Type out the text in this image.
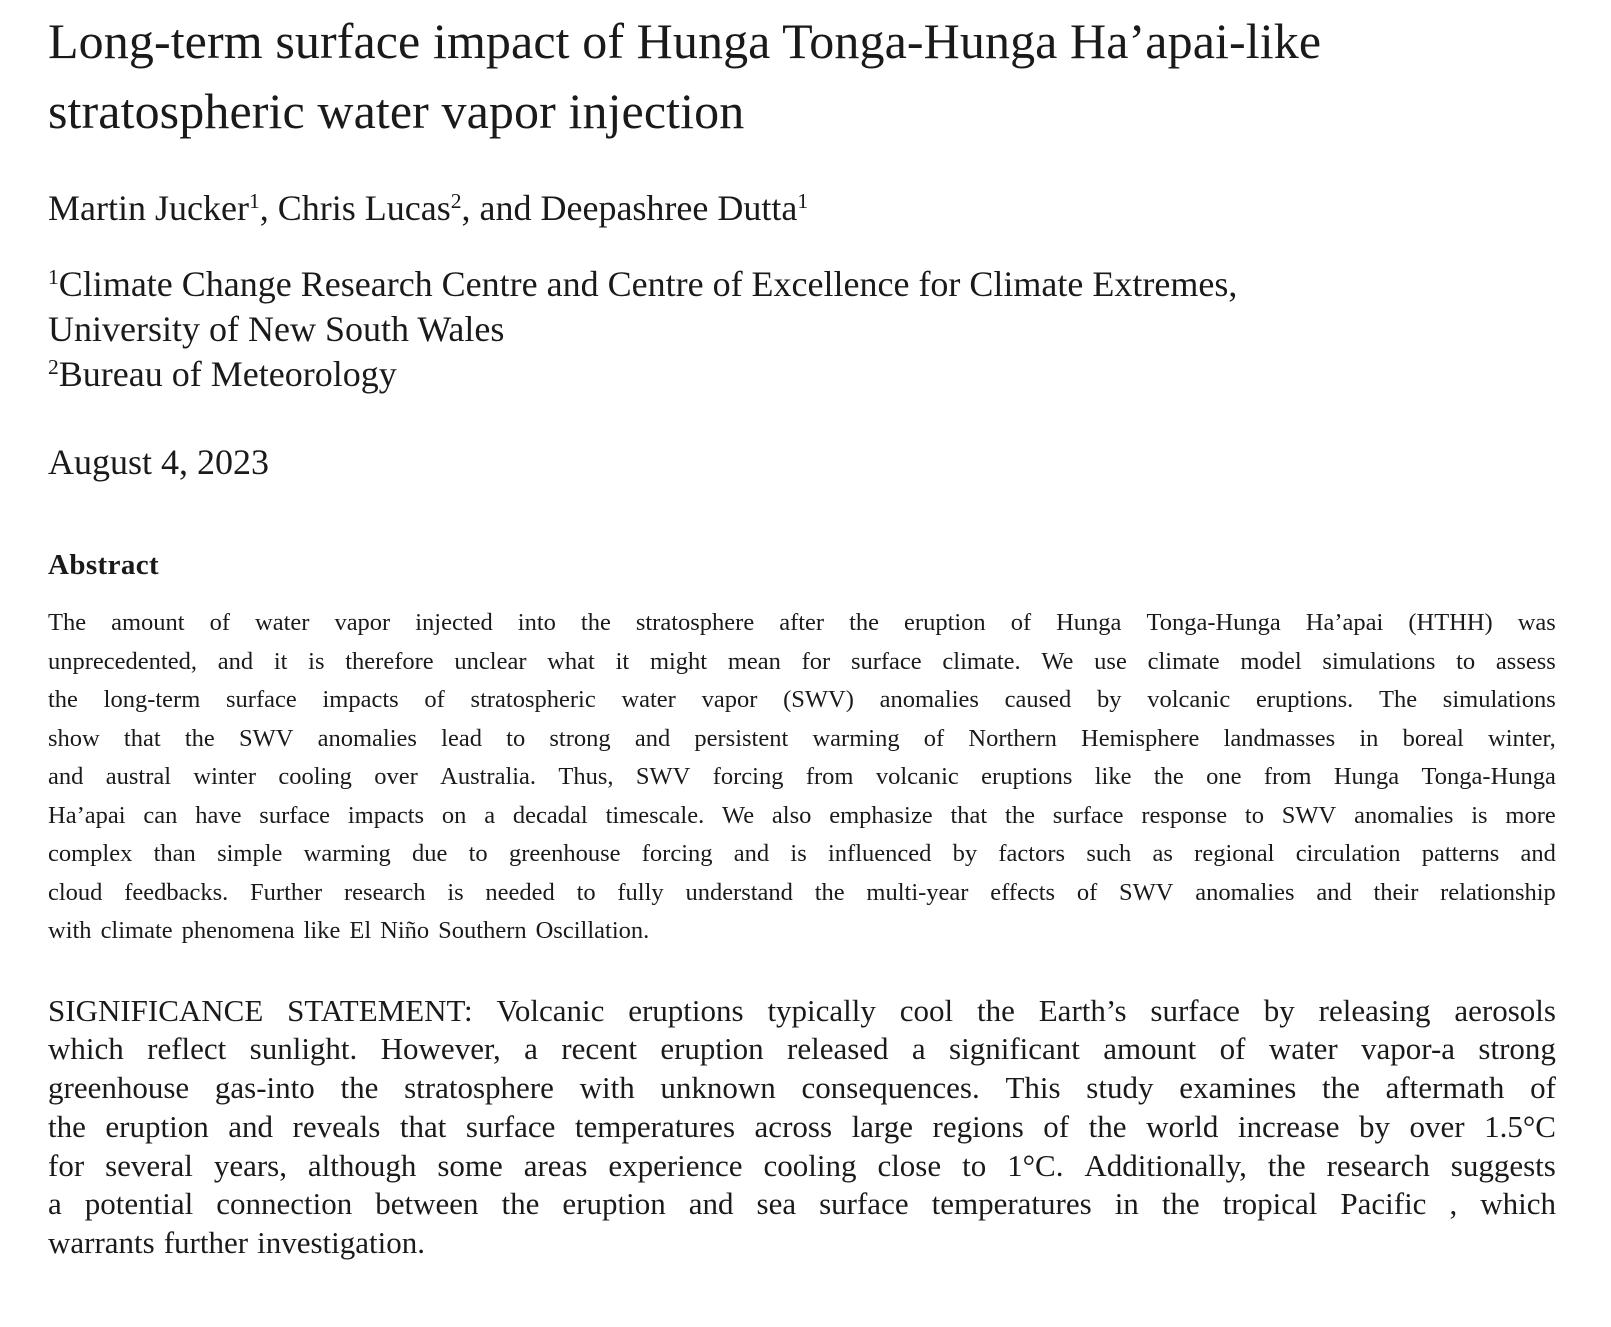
Long-term surface impact of Hunga Tonga-Hunga Ha’apai-like
stratospheric water vapor injection
Martin Jucker$^1$, Chris Lucas$^2$, and Deepashree Dutta$^1$
$^1$Climate Change Research Centre and Centre of Excellence for Climate Extremes,
University of New South Wales
$^2$Bureau of Meteorology
August 4, 2023
Abstract
The amount of water vapor injected into the stratosphere after the eruption of Hunga Tonga-Hunga Ha’apai (HTHH) was
unprecedented, and it is therefore unclear what it might mean for surface climate. We use climate model simulations to assess
the long-term surface impacts of stratospheric water vapor (SWV) anomalies caused by volcanic eruptions. The simulations
show that the SWV anomalies lead to strong and persistent warming of Northern Hemisphere landmasses in boreal winter,
and austral winter cooling over Australia. Thus, SWV forcing from volcanic eruptions like the one from Hunga Tonga-Hunga
Ha’apai can have surface impacts on a decadal timescale. We also emphasize that the surface response to SWV anomalies is more
complex than simple warming due to greenhouse forcing and is influenced by factors such as regional circulation patterns and
cloud feedbacks. Further research is needed to fully understand the multi-year effects of SWV anomalies and their relationship
with climate phenomena like El Niño Southern Oscillation.
SIGNIFICANCE STATEMENT: Volcanic eruptions typically cool the Earth’s surface by releasing aerosols
which reflect sunlight. However, a recent eruption released a significant amount of water vapor-a strong
greenhouse gas-into the stratosphere with unknown consequences. This study examines the aftermath of
the eruption and reveals that surface temperatures across large regions of the world increase by over 1.5°C
for several years, although some areas experience cooling close to 1°C. Additionally, the research suggests
a potential connection between the eruption and sea surface temperatures in the tropical Pacific , which
warrants further investigation.
